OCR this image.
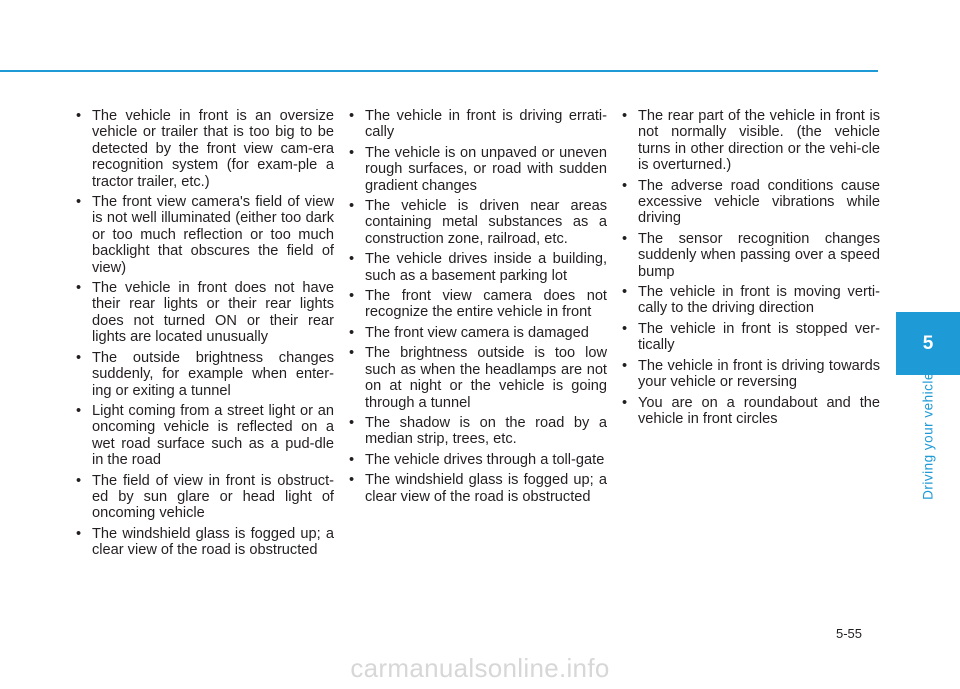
• The vehicle in front is an oversize vehicle or trailer that is too big to be detected by the front view cam-era recognition system (for exam-ple a tractor trailer, etc.)
• The front view camera's field of view is not well illuminated (either too dark or too much reflection or too much backlight that obscures the field of view)
• The vehicle in front does not have their rear lights or their rear lights does not turned ON or their rear lights are located unusually
• The outside brightness changes suddenly, for example when enter-ing or exiting a tunnel
• Light coming from a street light or an oncoming vehicle is reflected on a wet road surface such as a pud-dle in the road
• The field of view in front is obstruct-ed by sun glare or head light of oncoming vehicle
• The windshield glass is fogged up; a clear view of the road is obstructed
• The vehicle in front is driving errati-cally
• The vehicle is on unpaved or uneven rough surfaces, or road with sudden gradient changes
• The vehicle is driven near areas containing metal substances as a construction zone, railroad, etc.
• The vehicle drives inside a building, such as a basement parking lot
• The front view camera does not recognize the entire vehicle in front
• The front view camera is damaged
• The brightness outside is too low such as when the headlamps are not on at night or the vehicle is going through a tunnel
• The shadow is on the road by a median strip, trees, etc.
• The vehicle drives through a toll-gate
• The windshield glass is fogged up; a clear view of the road is obstructed
• The rear part of the vehicle in front is not normally visible. (the vehicle turns in other direction or the vehi-cle is overturned.)
• The adverse road conditions cause excessive vehicle vibrations while driving
• The sensor recognition changes suddenly when passing over a speed bump
• The vehicle in front is moving verti-cally to the driving direction
• The vehicle in front is stopped ver-tically
• The vehicle in front is driving towards your vehicle or reversing
• You are on a roundabout and the vehicle in front circles
5
Driving your vehicle
5-55
carmanualsonline.info
